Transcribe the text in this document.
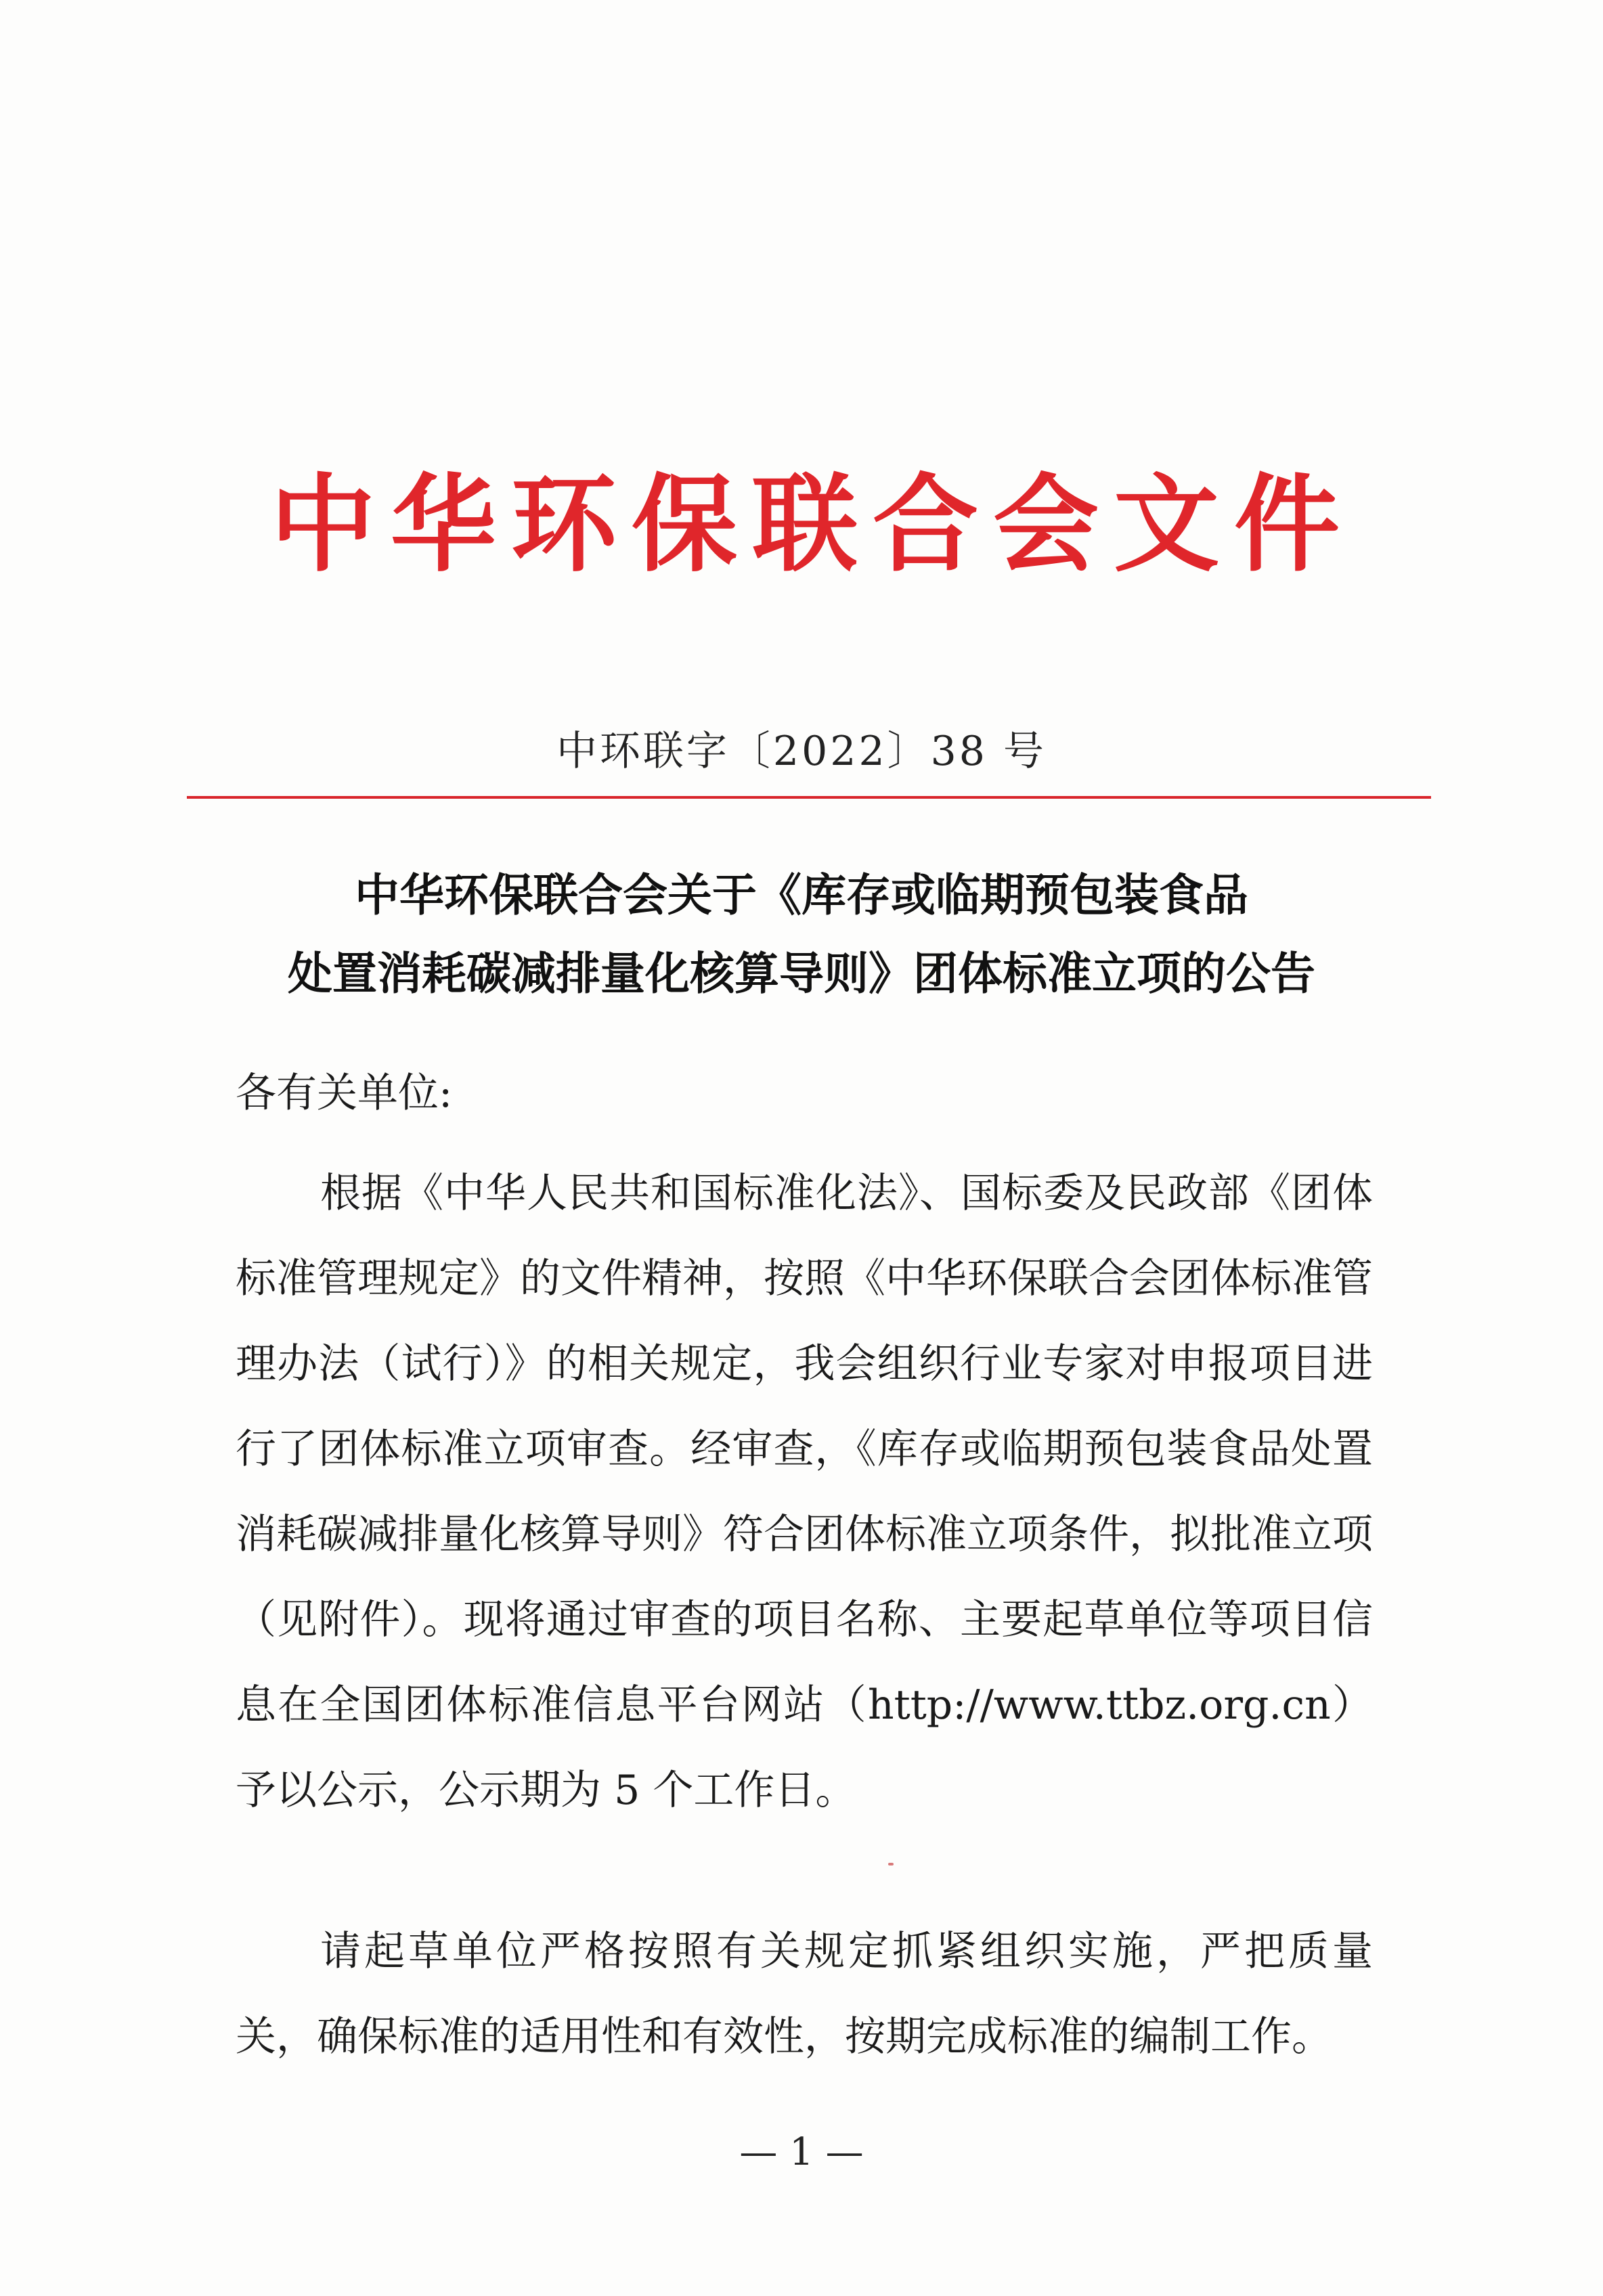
中华环保联合会文件
中环联字〔2022〕38 号
中华环保联合会关于《库存或临期预包装食品
处置消耗碳减排量化核算导则》团体标准立项的公告
各有关单位:
根据《中华人民共和国标准化法》、国标委及民政部《团体标准管理规定》的文件精神，按照《中华环保联合会团体标准管理办法（试行）》的相关规定，我会组织行业专家对申报项目进行了团体标准立项审查。经审查，《库存或临期预包装食品处置消耗碳减排量化核算导则》符合团体标准立项条件，拟批准立项（见附件）。现将通过审查的项目名称、主要起草单位等项目信息在全国团体标准信息平台网站（http://www.ttbz.org.cn）予以公示，公示期为 5 个工作日。
请起草单位严格按照有关规定抓紧组织实施，严把质量关，确保标准的适用性和有效性，按期完成标准的编制工作。
— 1 —
